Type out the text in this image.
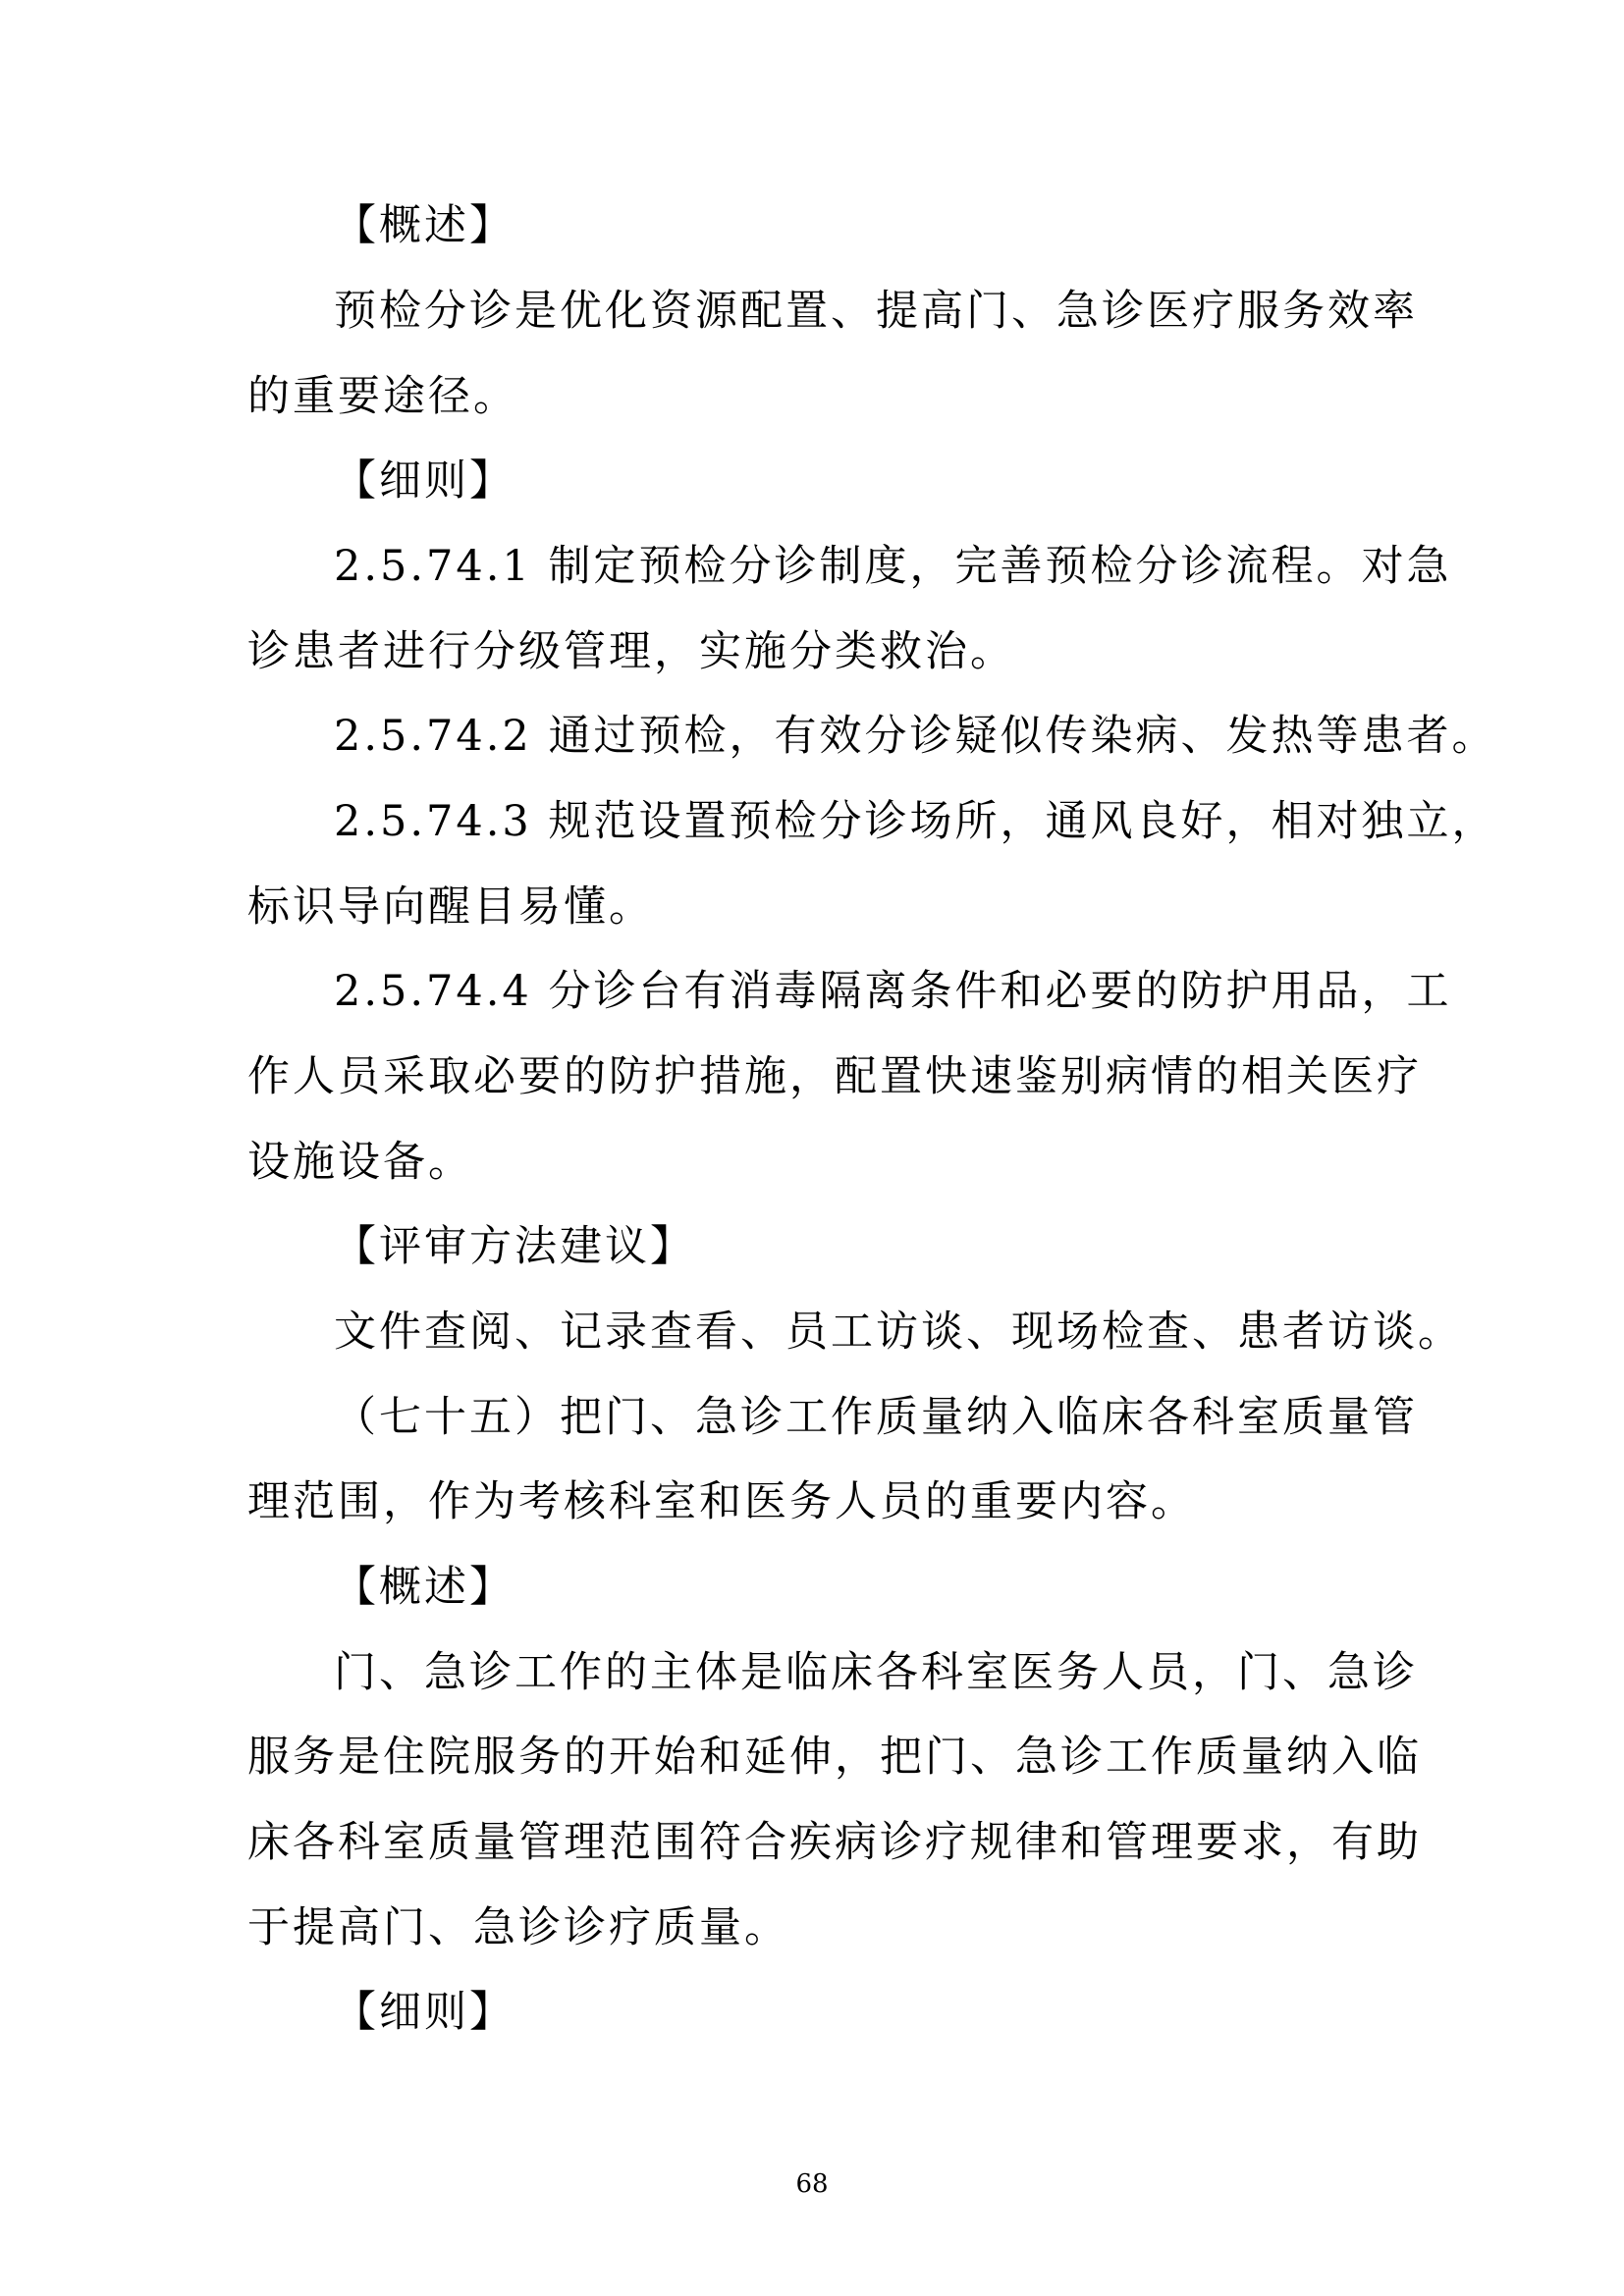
【概述】
预检分诊是优化资源配置、提高门、急诊医疗服务效率
的重要途径。
【细则】
2.5.74.1 制定预检分诊制度，完善预检分诊流程。对急
诊患者进行分级管理，实施分类救治。
2.5.74.2 通过预检，有效分诊疑似传染病、发热等患者。
2.5.74.3 规范设置预检分诊场所，通风良好，相对独立，
标识导向醒目易懂。
2.5.74.4 分诊台有消毒隔离条件和必要的防护用品，工
作人员采取必要的防护措施，配置快速鉴别病情的相关医疗
设施设备。
【评审方法建议】
文件查阅、记录查看、员工访谈、现场检查、患者访谈。
（七十五）把门、急诊工作质量纳入临床各科室质量管
理范围，作为考核科室和医务人员的重要内容。
【概述】
门、急诊工作的主体是临床各科室医务人员，门、急诊
服务是住院服务的开始和延伸，把门、急诊工作质量纳入临
床各科室质量管理范围符合疾病诊疗规律和管理要求，有助
于提高门、急诊诊疗质量。
【细则】
68
